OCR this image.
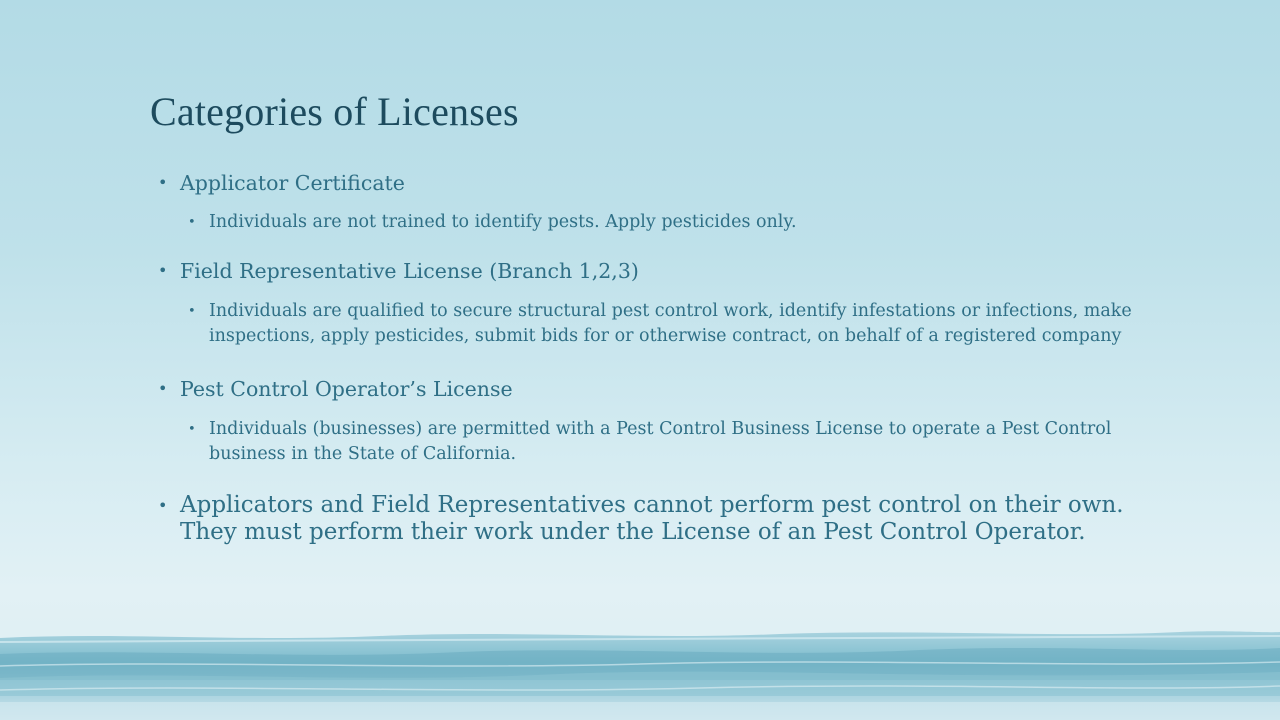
Categories of Licenses
• Applicator Certificate
• Individuals are not trained to identify pests. Apply pesticides only.
• Field Representative License (Branch 1,2,3)
• Individuals are qualified to secure structural pest control work, identify infestations or infections, make inspections, apply pesticides, submit bids for or otherwise contract, on behalf of a registered company
• Pest Control Operator’s License
• Individuals (businesses) are permitted with a Pest Control Business License to operate a Pest Control business in the State of California.
• Applicators and Field Representatives cannot perform pest control on their own. They must perform their work under the License of an Pest Control Operator.
